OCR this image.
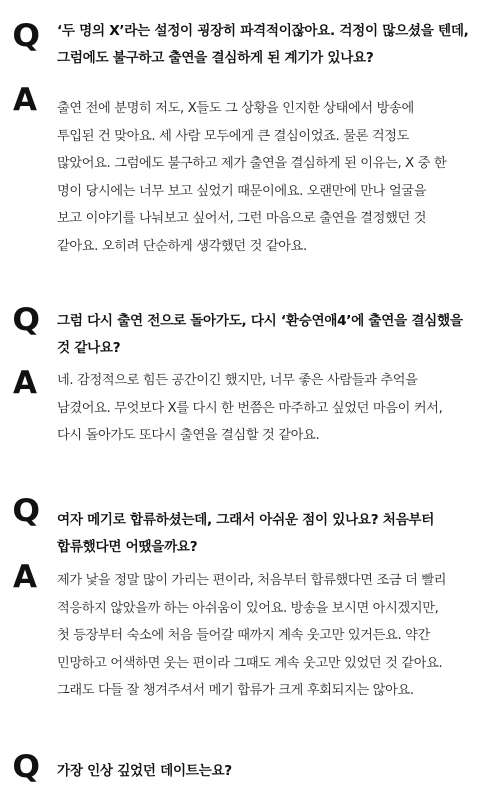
Q ‘두 명의 X’라는 설정이 굉장히 파격적이잖아요. 걱정이 많으셨을 텐데,
그럼에도 불구하고 출연을 결심하게 된 계기가 있나요?
A 출연 전에 분명히 저도, X들도 그 상황을 인지한 상태에서 방송에
투입된 건 맞아요. 세 사람 모두에게 큰 결심이었죠. 물론 걱정도
많았어요. 그럼에도 불구하고 제가 출연을 결심하게 된 이유는, X 중 한
명이 당시에는 너무 보고 싶었기 때문이에요. 오랜만에 만나 얼굴을
보고 이야기를 나눠보고 싶어서, 그런 마음으로 출연을 결정했던 것
같아요. 오히려 단순하게 생각했던 것 같아요.
Q 그럼 다시 출연 전으로 돌아가도, 다시 ‘환승연애4’에 출연을 결심했을
것 같나요?
A 네. 감정적으로 힘든 공간이긴 했지만, 너무 좋은 사람들과 추억을
남겼어요. 무엇보다 X를 다시 한 번쯤은 마주하고 싶었던 마음이 커서,
다시 돌아가도 또다시 출연을 결심할 것 같아요.
Q 여자 메기로 합류하셨는데, 그래서 아쉬운 점이 있나요? 처음부터
합류했다면 어땠을까요?
A 제가 낯을 정말 많이 가리는 편이라, 처음부터 합류했다면 조금 더 빨리
적응하지 않았을까 하는 아쉬움이 있어요. 방송을 보시면 아시겠지만,
첫 등장부터 숙소에 처음 들어갈 때까지 계속 웃고만 있거든요. 약간
민망하고 어색하면 웃는 편이라 그때도 계속 웃고만 있었던 것 같아요.
그래도 다들 잘 챙겨주셔서 메기 합류가 크게 후회되지는 않아요.
Q 가장 인상 깊었던 데이트는요?
